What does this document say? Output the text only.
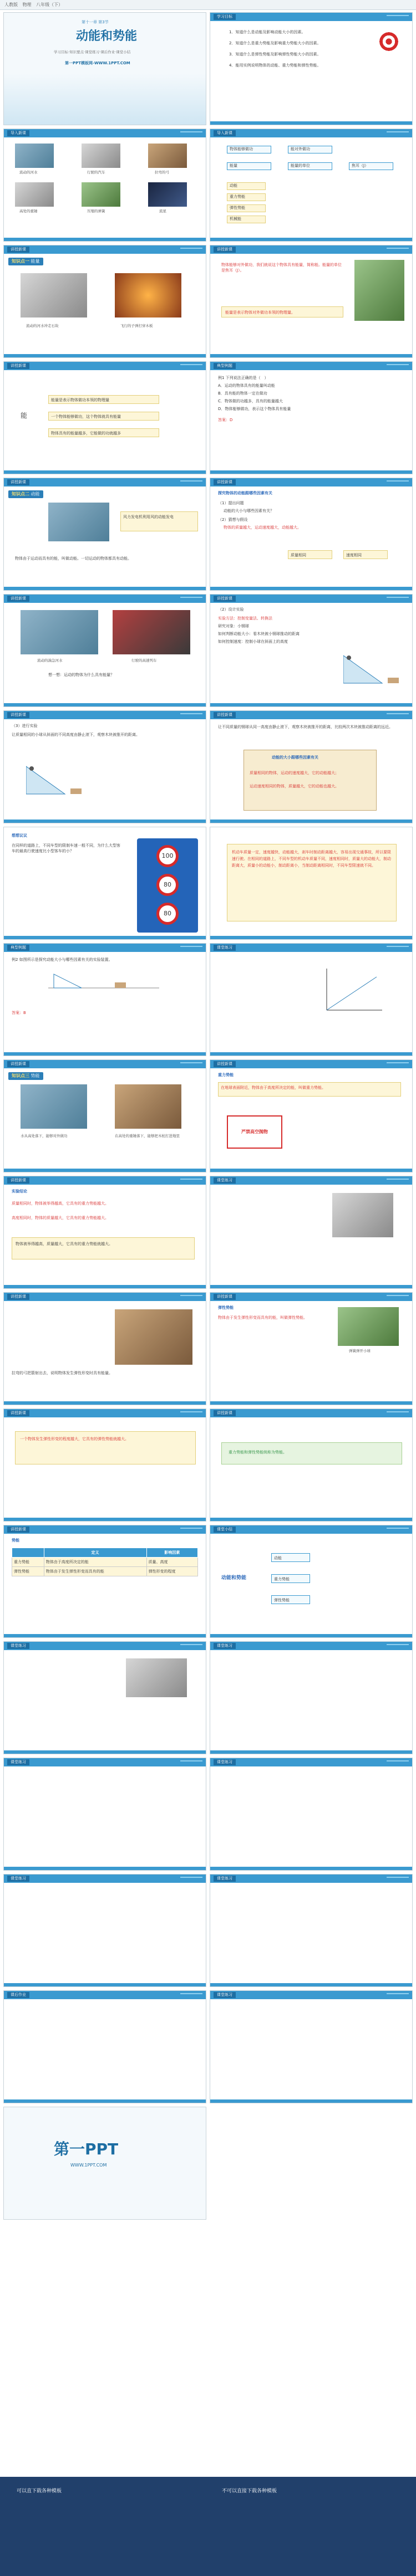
人教版 物理 八年级（下）
第十一章 第3节
动能和势能
学习目标·知识要点·课堂练习·课后作业·课堂小结
第一PPT模板网-WWW.1PPT.COM
学习目标
1．知道什么是动能及影响动能大小的因素。
2．知道什么是重力势能及影响重力势能大小的因素。
3．知道什么是弹性势能及影响弹性势能大小的因素。
4．能用实例说明物体的动能、重力势能和弹性势能。
导入新课
流动的河水	行驶的汽车	拉弯的弓
高处的重锤	压缩的弹簧	流星
导入新课
物体能够做功
能量
能对外做功
能量的单位	焦耳（J）
动能
重力势能
弹性势能
机械能
讲授新课
知识点一 能量
流动的河水冲走石块	飞行的子弹打穿木板
讲授新课
物体能够对外做功，我们就说这个物体具有能量，简称能。能量的单位是焦耳（J）。
能量是表示物体对外做功本领的物理量。
讲授新课
能
能量是表示物体做功本领的物理量
一个物体能够做功，这个物体就具有能量
物体具有的能量越多，它能做的功就越多
典型例题
例1 下列说法正确的是（　）
A．运动的物体具有的能量叫动能
B．具有能的物体一定在做功
C．物体做的功越多，具有的能量越大
D．物体能够做功，表示这个物体具有能量
答案：D
讲授新课
知识点二 动能
风力发电机利用风的动能发电
物体由于运动而具有的能，叫做动能。一切运动的物体都具有动能。
讲授新课
探究物体的动能跟哪些因素有关
（1）提出问题
动能的大小与哪些因素有关？
（2）猜想与假设
物体的质量越大，运动速度越大，动能越大。
质量相同	速度相同
讲授新课
流动的湍急河水	行驶的高速列车
想一想：运动的物体为什么具有能量？
讲授新课
（2）设计实验
实验方法：控制变量法、转换法
研究对象：小钢球
如何判断动能大小：看木块被小钢球推动的距离
如何控制速度：控制小球在斜面上的高度
讲授新课
（3）进行实验
让质量相同的小球从斜面的不同高度由静止滚下，观察木块被推开的距离。
讲授新课
让不同质量的钢球从同一高度由静止滚下，观察木块被推开的距离，比较两次木块被推动距离的远近。
动能的大小跟哪些因素有关
质量相同的物体，运动的速度越大，它的动能越大；
运动速度相同的物体，质量越大，它的动能也越大。
想想议议
在同样的道路上，不同车型的限制车速一般不同，为什么大型客车的最高行驶速度比小型客车的小？
100
80
80
机动车质量一定，速度越快，动能越大，刹车时制动距离越大，容易出现交通事故，所以要限速行驶。在相同的道路上，不同车型的机动车质量不同，速度相同时，质量大的动能大，制动距离大，质量小的动能小，制动距离小，当制动距离相同时，不同车型限速就不同。
典型例题
例2 如图所示是探究动能大小与哪些因素有关的实验装置。
答案：B
课堂练习
讲授新课
知识点三 势能
水从高处落下，能够对外做功	在高处的重锤落下，能够把木桩打进地里
讲授新课
重力势能
在地球表面附近，物体由于高度所决定的能，叫做重力势能。
严禁高空抛物
讲授新课
实验结论
质量相同时，物体被举得越高，它具有的重力势能越大。
高度相同时，物体的质量越大，它具有的重力势能越大。
物体被举得越高，质量越大，它具有的重力势能就越大。
课堂练习
讲授新课
拉弯的弓把箭射出去，说明物体发生弹性形变时具有能量。
讲授新课
弹性势能
物体由于发生弹性形变而具有的能，叫做弹性势能。
弹簧弹开小球
讲授新课
一个物体发生弹性形变的程度越大，它具有的弹性势能就越大。
讲授新课
重力势能和弹性势能统称为势能。
讲授新课
势能
	定义	影响因素
重力势能	物体由于高度所决定的能	质量、高度
弹性势能	物体由于发生弹性形变而具有的能	弹性形变的程度
课堂小结
动能和势能
动能
重力势能
弹性势能
课堂练习	课堂练习
课堂练习	课堂练习
课堂练习	课堂练习
课后作业	课堂练习
第一PPT
WWW.1PPT.COM
可以直下载各种模板	不可以直接下载各种模板
